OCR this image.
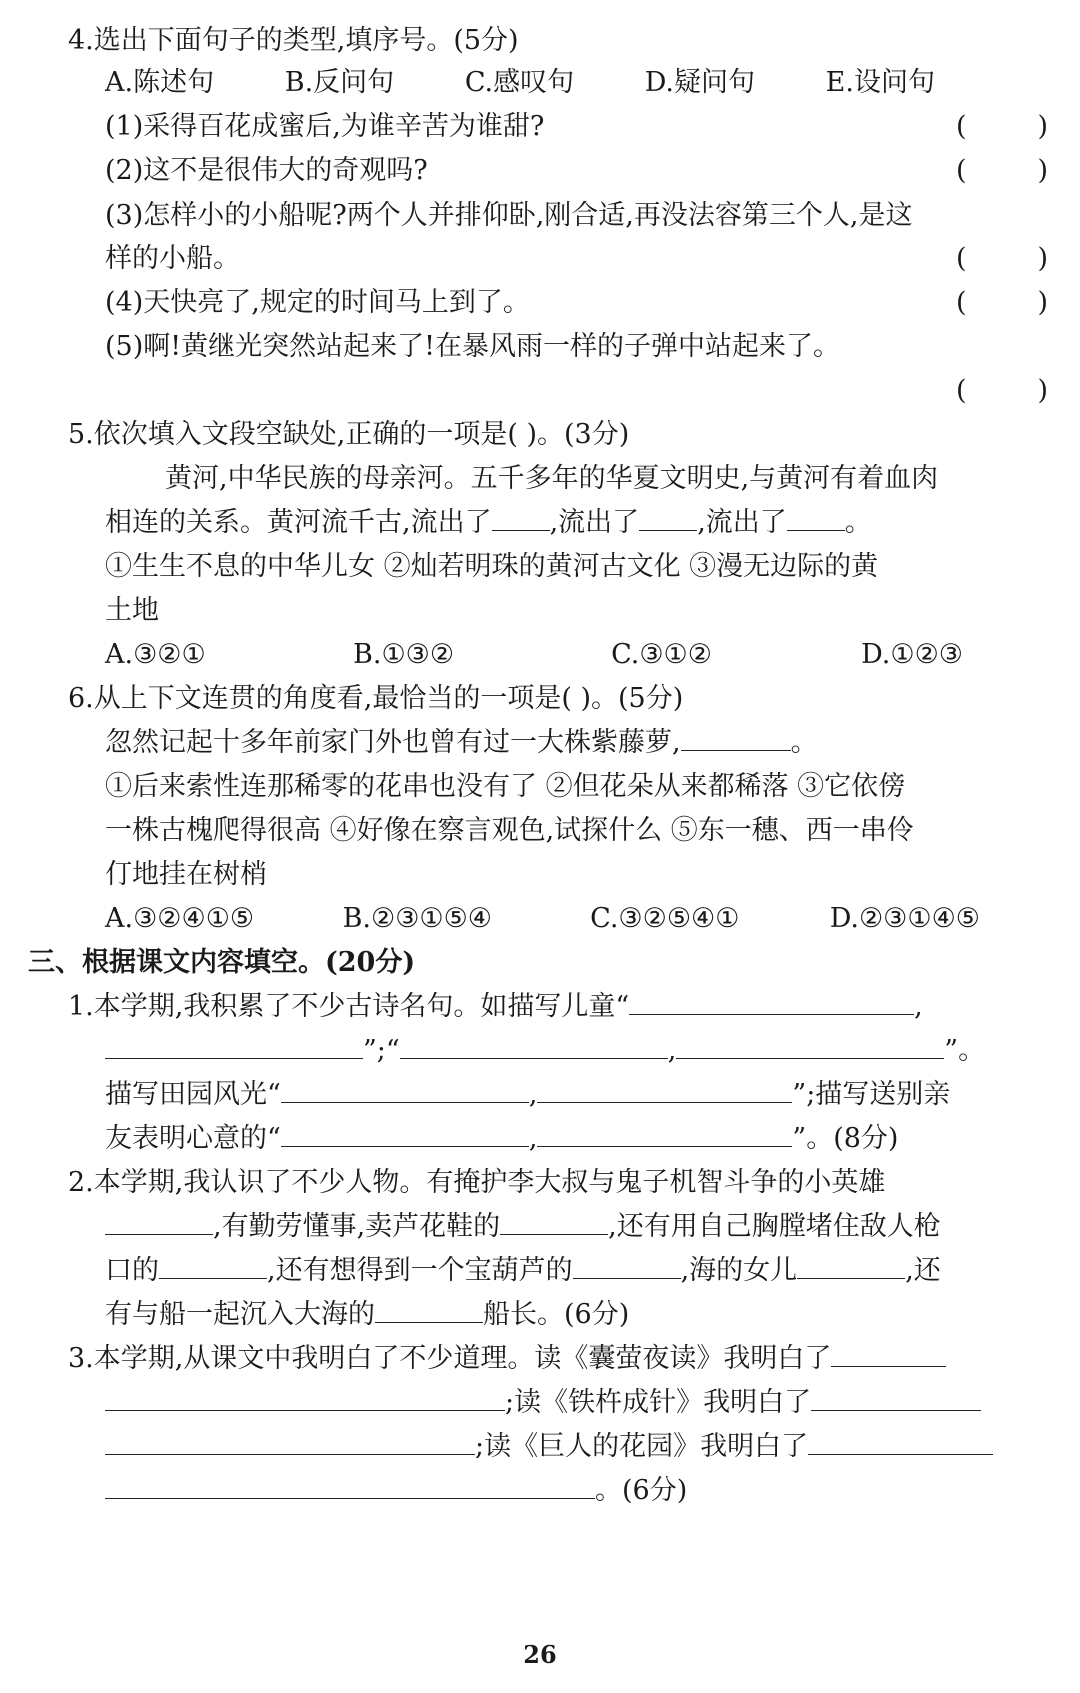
4.选出下面句子的类型,填序号。(5分)
A.陈述句	B.反问句	C.感叹句	D.疑问句	E.设问句
(1)采得百花成蜜后,为谁辛苦为谁甜?	(	)
(2)这不是很伟大的奇观吗?	(	)
(3)怎样小的小船呢?两个人并排仰卧,刚合适,再没法容第三个人,是这
样的小船。	(	)
(4)天快亮了,规定的时间马上到了。	(	)
(5)啊!黄继光突然站起来了!在暴风雨一样的子弹中站起来了。
(	)
5.依次填入文段空缺处,正确的一项是( )。(3分)
黄河,中华民族的母亲河。五千多年的华夏文明史,与黄河有着血肉
相连的关系。黄河流千古,流出了 ,流出了 ,流出了 。
①生生不息的中华儿女 ②灿若明珠的黄河古文化 ③漫无边际的黄
土地
A.③②①	B.①③②	C.③①②	D.①②③
6.从上下文连贯的角度看,最恰当的一项是( )。(5分)
忽然记起十多年前家门外也曾有过一大株紫藤萝,	。
①后来索性连那稀零的花串也没有了 ②但花朵从来都稀落 ③它依傍
一株古槐爬得很高 ④好像在察言观色,试探什么 ⑤东一穗、西一串伶
仃地挂在树梢
A.③②④①⑤	B.②③①⑤④	C.③②⑤④①	D.②③①④⑤
三、根据课文内容填空。(20分)
1.本学期,我积累了不少古诗名句。如描写儿童“	,
”;“	,	”。
描写田园风光“	,	”;描写送别亲
友表明心意的“	,	”。(8分)
2.本学期,我认识了不少人物。有掩护李大叔与鬼子机智斗争的小英雄
,有勤劳懂事,卖芦花鞋的	,还有用自己胸膛堵住敌人枪
口的	,还有想得到一个宝葫芦的	,海的女儿	,还
有与船一起沉入大海的	船长。(6分)
3.本学期,从课文中我明白了不少道理。读《囊萤夜读》我明白了
;读《铁杵成针》我明白了
;读《巨人的花园》我明白了
。(6分)
26
